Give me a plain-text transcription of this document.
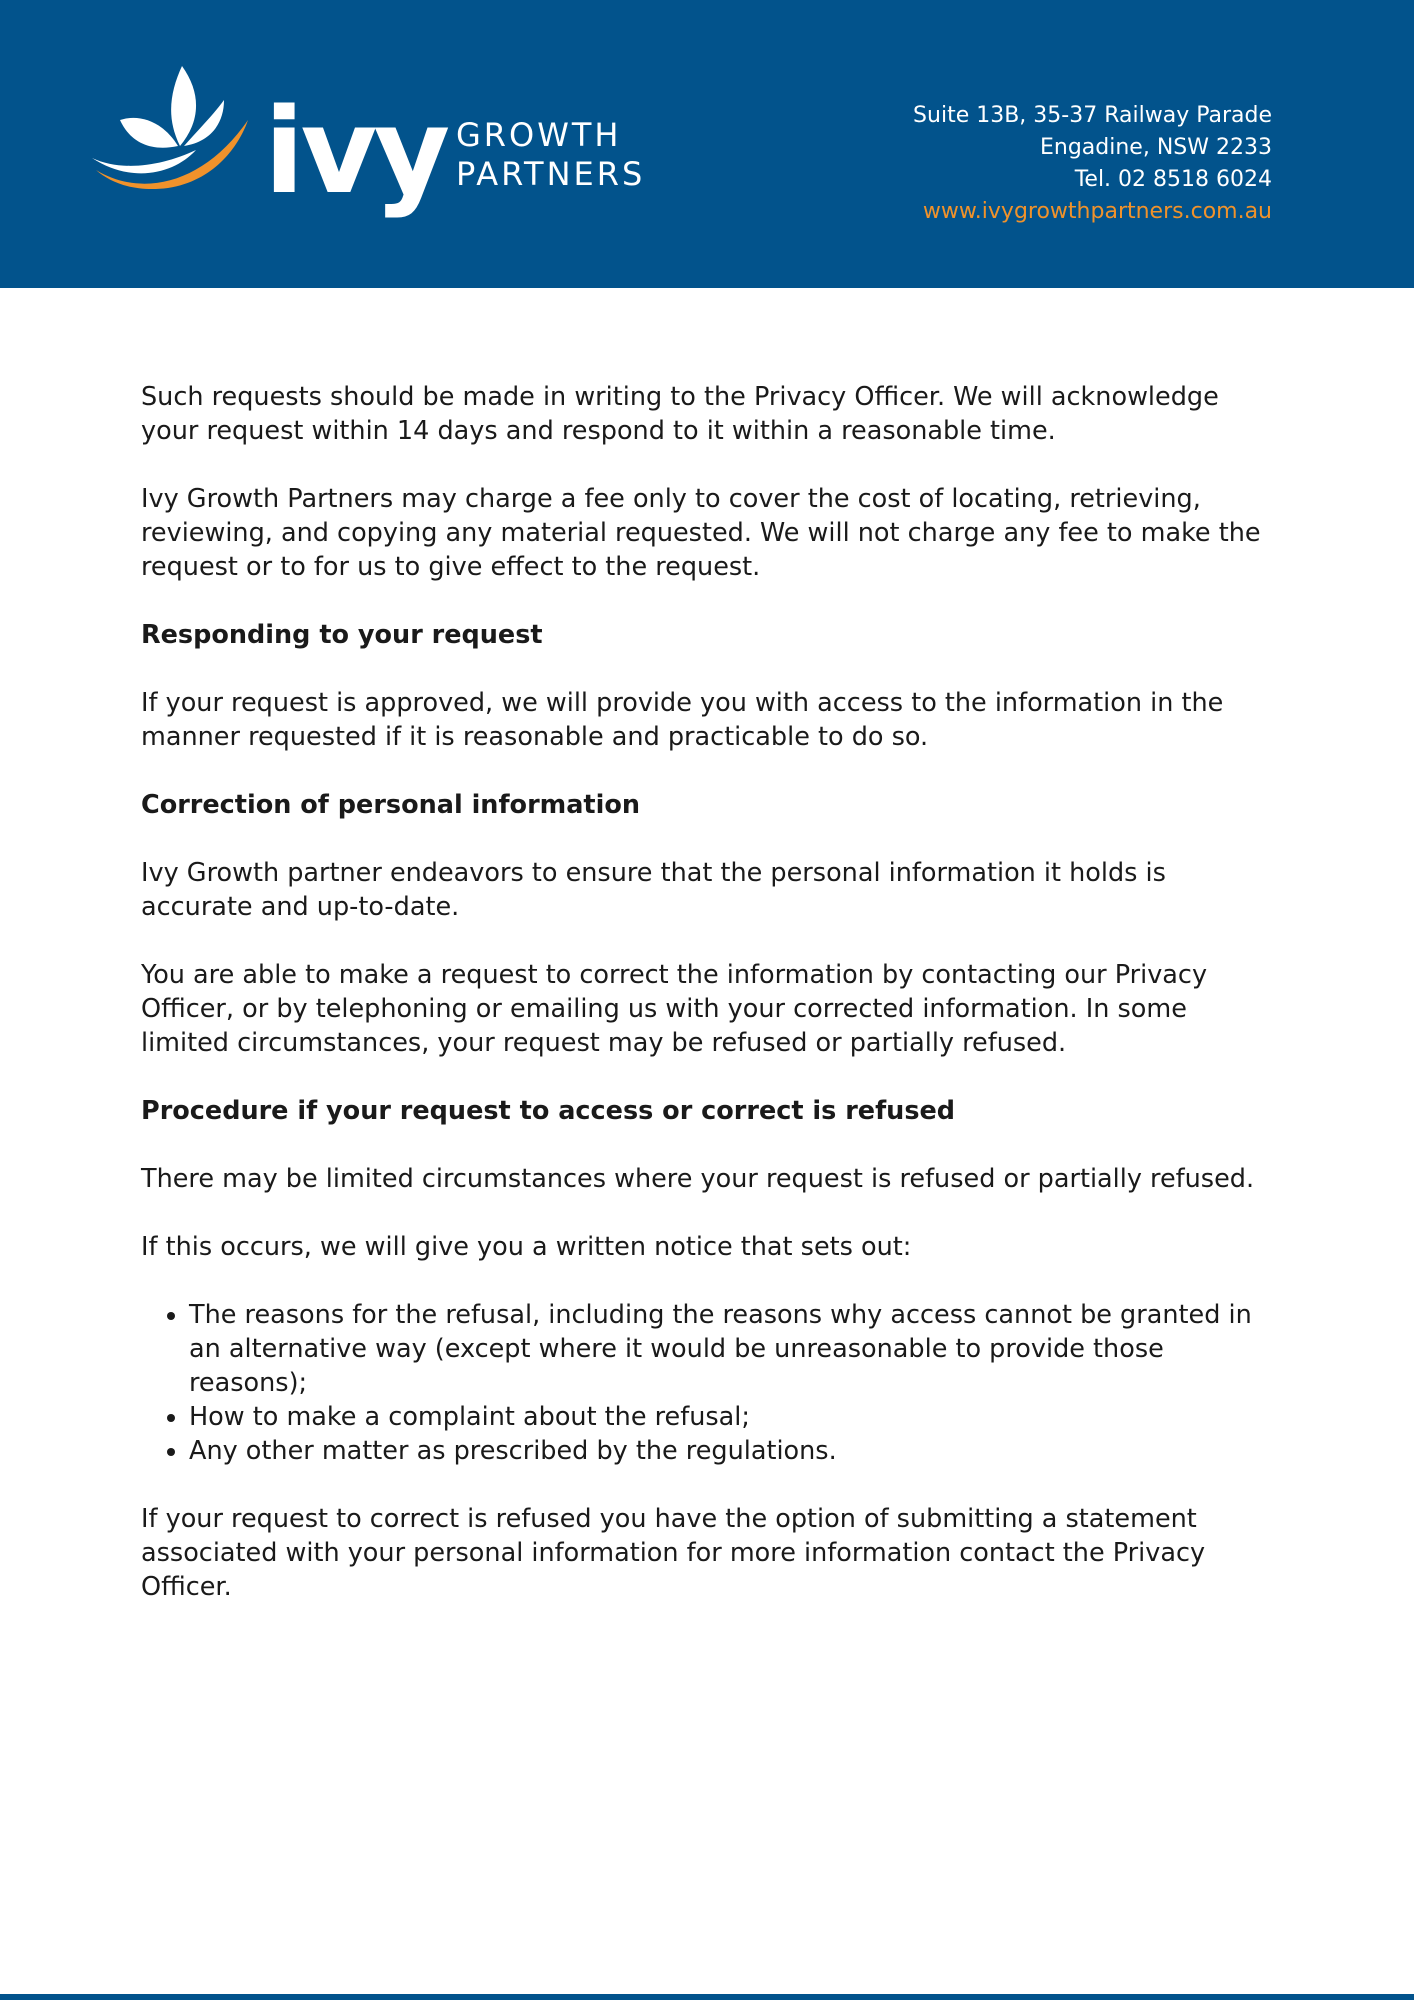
ivy GROWTH
PARTNERS
Suite 13B, 35-37 Railway Parade
Engadine, NSW 2233
Tel. 02 8518 6024
www.ivygrowthpartners.com.au

Such requests should be made in writing to the Privacy Officer. We will acknowledge your request within 14 days and respond to it within a reasonable time.

Ivy Growth Partners may charge a fee only to cover the cost of locating, retrieving, reviewing, and copying any material requested. We will not charge any fee to make the request or to for us to give effect to the request.

Responding to your request

If your request is approved, we will provide you with access to the information in the manner requested if it is reasonable and practicable to do so.

Correction of personal information

Ivy Growth partner endeavors to ensure that the personal information it holds is accurate and up-to-date.

You are able to make a request to correct the information by contacting our Privacy Officer, or by telephoning or emailing us with your corrected information. In some limited circumstances, your request may be refused or partially refused.

Procedure if your request to access or correct is refused

There may be limited circumstances where your request is refused or partially refused.

If this occurs, we will give you a written notice that sets out:

• The reasons for the refusal, including the reasons why access cannot be granted in an alternative way (except where it would be unreasonable to provide those reasons);
• How to make a complaint about the refusal;
• Any other matter as prescribed by the regulations.

If your request to correct is refused you have the option of submitting a statement associated with your personal information for more information contact the Privacy Officer.
